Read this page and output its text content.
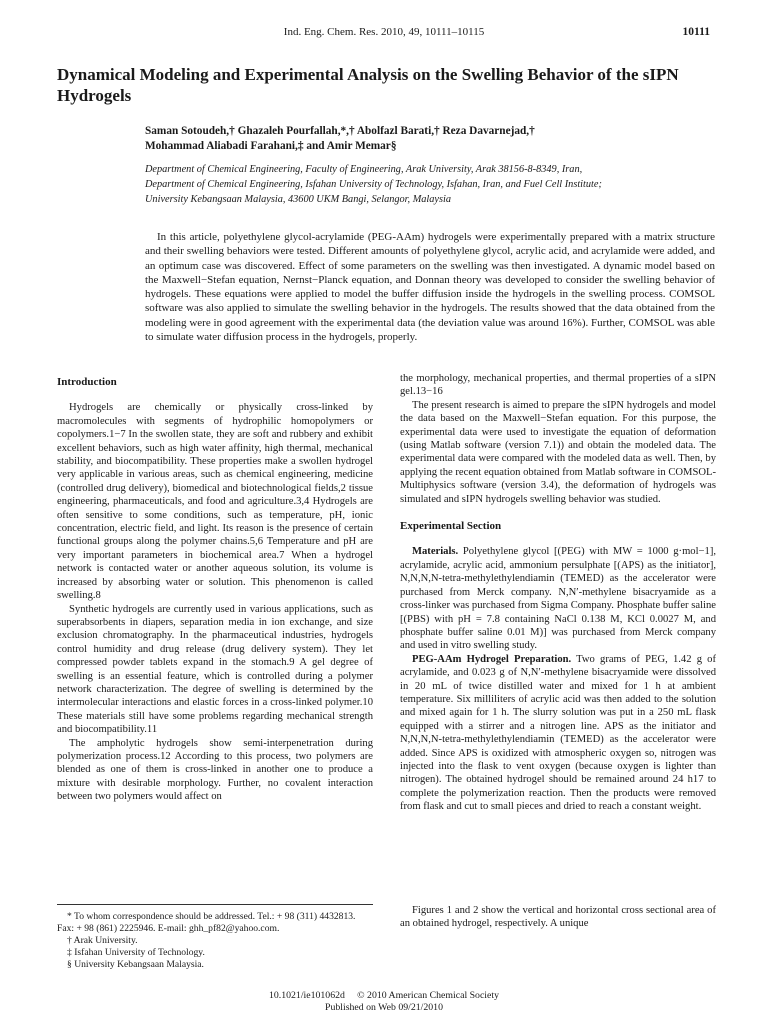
Ind. Eng. Chem. Res. 2010, 49, 10111–10115	10111
Dynamical Modeling and Experimental Analysis on the Swelling Behavior of the sIPN Hydrogels
Saman Sotoudeh,† Ghazaleh Pourfallah,*,† Abolfazl Barati,† Reza Davarnejad,†
Mohammad Aliabadi Farahani,‡ and Amir Memar§
Department of Chemical Engineering, Faculty of Engineering, Arak University, Arak 38156-8-8349, Iran,
Department of Chemical Engineering, Isfahan University of Technology, Isfahan, Iran, and Fuel Cell Institute;
University Kebangsaan Malaysia, 43600 UKM Bangi, Selangor, Malaysia

In this article, polyethylene glycol-acrylamide (PEG-AAm) hydrogels were experimentally prepared with a matrix structure and their swelling behaviors were tested. Different amounts of polyethylene glycol, acrylic acid, and acrylamide were added, and an optimum case was discovered. Effect of some parameters on the swelling was then investigated. A dynamic model based on the Maxwell−Stefan equation, Nernst−Planck equation, and Donnan theory was developed to consider the swelling behavior of hydrogels. These equations were applied to model the buffer diffusion inside the hydrogels in the swelling process. COMSOL software was also applied to simulate the swelling behavior in the hydrogels. The results showed that the data obtained from the modeling were in good agreement with the experimental data (the deviation value was around 16%). Further, COMSOL was able to simulate water diffusion process in the hydrogels, properly.

Introduction

Hydrogels are chemically or physically cross-linked by macromolecules with segments of hydrophilic homopolymers or copolymers.1−7 In the swollen state, they are soft and rubbery and exhibit excellent behaviors, such as high water affinity, high thermal, mechanical stability, and biocompatibility. These properties make a swollen hydrogel very applicable in various areas, such as chemical engineering, medicine (controlled drug delivery), biomedical and biotechnological fields,2 tissue engineering, pharmaceuticals, and food and agriculture.3,4 Hydrogels are often sensitive to some conditions, such as temperature, pH, ionic concentration, electric field, and light. Its reason is the presence of certain functional groups along the polymer chains.5,6 Temperature and pH are very important parameters in biochemical area.7 When a hydrogel network is contacted water or another aqueous solution, its volume is increased by absorbing water or solution. This phenomenon is called swelling.8

Synthetic hydrogels are currently used in various applications, such as superabsorbents in diapers, separation media in ion exchange, and size exclusion chromatography. In the pharmaceutical industries, hydrogels control humidity and drug release (drug delivery system). They let compressed powder tablets expand in the stomach.9 A gel degree of swelling is an essential feature, which is controlled during a polymer network characterization. The degree of swelling is determined by the intermolecular interactions and elastic forces in a cross-linked polymer.10 These materials still have some problems regarding mechanical strength and biocompatibility.11

The ampholytic hydrogels show semi-interpenetration during polymerization process.12 According to this process, two polymers are blended as one of them is cross-linked in another one to produce a mixture with desirable morphology. Further, no covalent interaction between two polymers would affect on

the morphology, mechanical properties, and thermal properties of a sIPN gel.13−16

The present research is aimed to prepare the sIPN hydrogels and model the data based on the Maxwell−Stefan equation. For this purpose, the experimental data were used to investigate the equation of deformation (using Matlab software (version 7.1)) and obtain the modeled data. The experimental data were compared with the modeled data as well. Then, by applying the recent equation obtained from Matlab software in COMSOL-Multiphysics software (version 3.4), the deformation of hydrogels was simulated and sIPN hydrogels swelling behavior was studied.

Experimental Section

Materials. Polyethylene glycol [(PEG) with MW = 1000 g·mol−1], acrylamide, acrylic acid, ammonium persulphate [(APS) as the initiator], N,N,N,N-tetra-methylethylendiamin (TEMED) as the accelerator were purchased from Merck company. N,N′-methylene bisacryamide as a cross-linker was purchased from Sigma Company. Phosphate buffer saline [(PBS) with pH = 7.8 containing NaCl 0.138 M, KCl 0.0027 M, and phosphate buffer saline 0.01 M)] was purchased from Merck company and used in vitro swelling study.

PEG-AAm Hydrogel Preparation. Two grams of PEG, 1.42 g of acrylamide, and 0.023 g of N,N′-methylene bisacryamide were dissolved in 20 mL of twice distilled water and mixed for 1 h at ambient temperature. Six milliliters of acrylic acid was then added to the solution and mixed again for 1 h. The slurry solution was put in a 250 mL flask equipped with a stirrer and a nitrogen line. APS as the initiator and N,N,N,N-tetra-methylethylendiamin (TEMED) as the accelerator were added. Since APS is oxidized with atmospheric oxygen so, nitrogen was injected into the flask to vent oxygen (because oxygen is lighter than nitrogen). The obtained hydrogel should be remained around 24 h17 to complete the polymerization reaction. Then the products were removed from flask and cut to small pieces and dried to reach a constant weight.

* To whom correspondence should be addressed. Tel.: + 98 (311) 4432813. Fax: + 98 (861) 2225946. E-mail: ghh_pf82@yahoo.com.

† Arak University.

‡ Isfahan University of Technology.

§ University Kebangsaan Malaysia.

Figures 1 and 2 show the vertical and horizontal cross sectional area of an obtained hydrogel, respectively. A unique

10.1021/ie101062d     © 2010 American Chemical Society
Published on Web 09/21/2010
